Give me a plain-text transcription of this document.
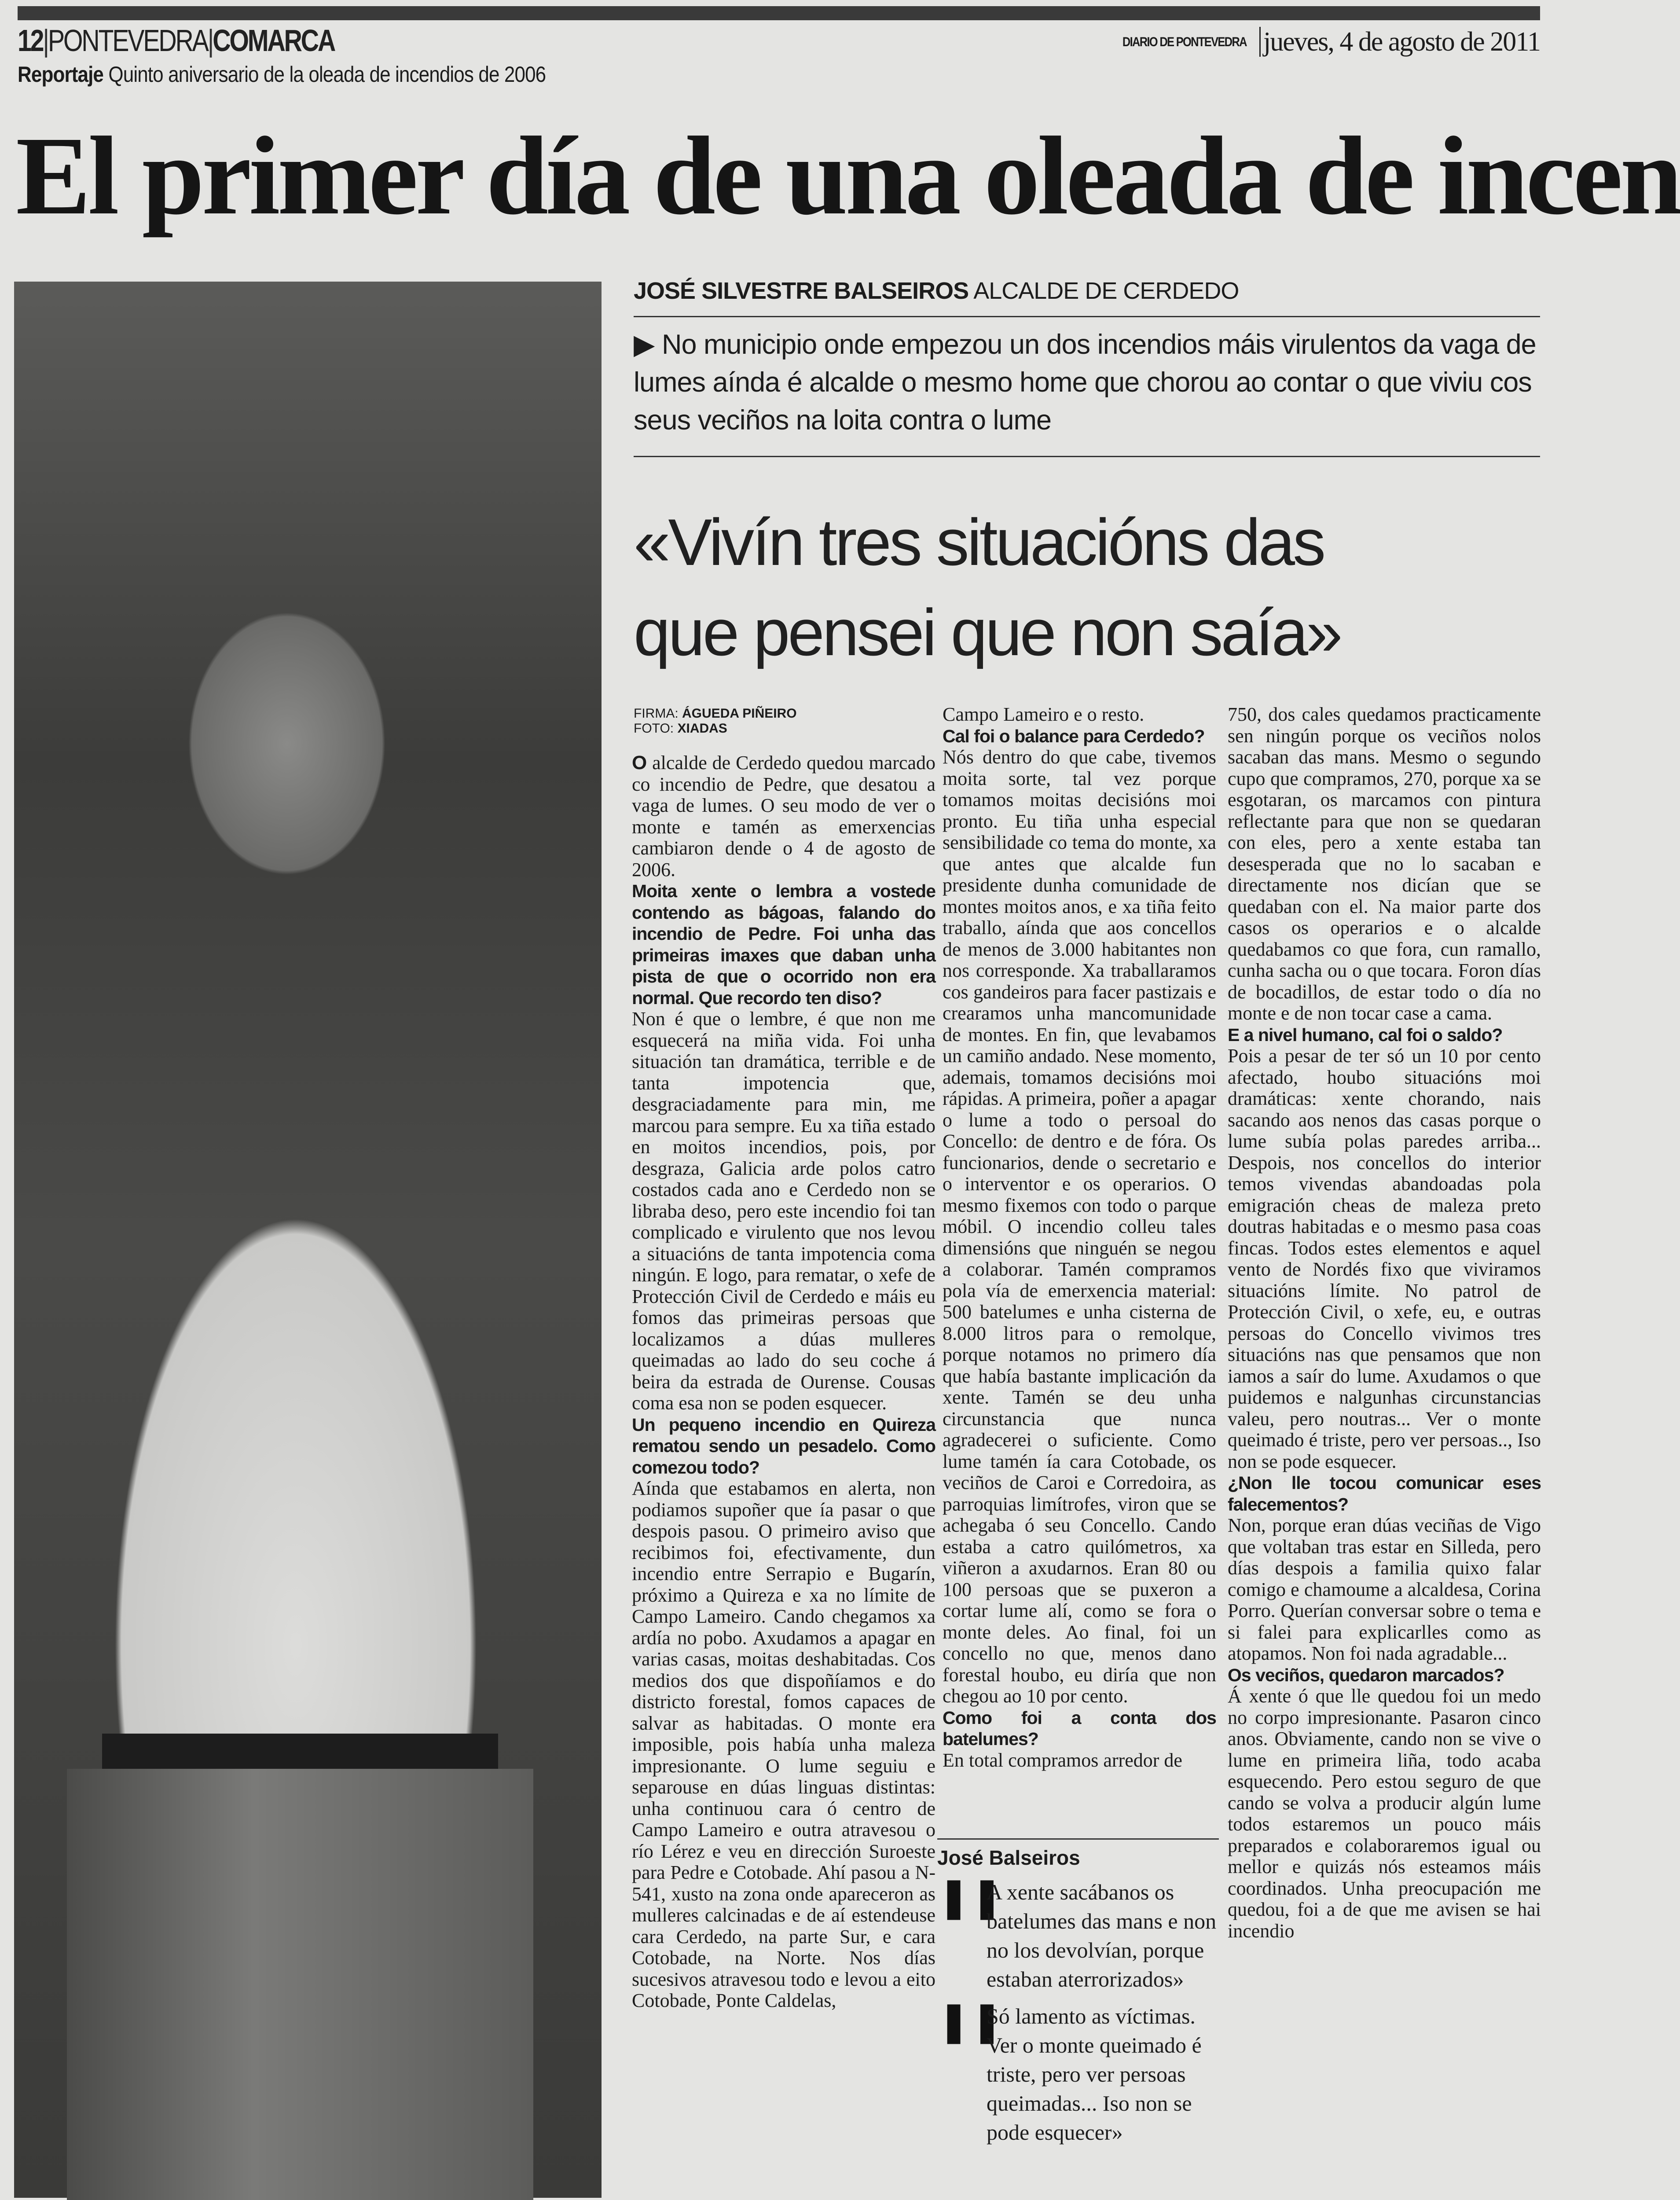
12|PONTEVEDRA|COMARCA	DIARIO DE PONTEVEDRA jueves, 4 de agosto de 2011
Reportaje Quinto aniversario de la oleada de incendios de 2006
El primer día de una oleada de incen
JOSÉ SILVESTRE BALSEIROS ALCALDE DE CERDEDO
▶ No municipio onde empezou un dos incendios máis virulentos da vaga de lumes aínda é alcalde o mesmo home que chorou ao contar o que viviu cos seus veciños na loita contra o lume
«Vivín tres situacións das
que pensei que non saía»
FIRMA: ÁGUEDA PIÑEIRO
FOTO: XIADAS

O alcalde de Cerdedo quedou marcado co incendio de Pedre, que desatou a vaga de lumes. O seu modo de ver o monte e tamén as emerxencias cambiaron dende o 4 de agosto de 2006.

Moita xente o lembra a vostede contendo as bágoas, falando do incendio de Pedre. Foi unha das primeiras imaxes que daban unha pista de que o ocorrido non era normal. Que recordo ten diso?

Non é que o lembre, é que non me esquecerá na miña vida. Foi unha situación tan dramática, terrible e de tanta impotencia que, desgraciadamente para min, me marcou para sempre. Eu xa tiña estado en moitos incendios, pois, por desgraza, Galicia arde polos catro costados cada ano e Cerdedo non se libraba deso, pero este incendio foi tan complicado e virulento que nos levou a situacións de tanta impotencia coma ningún. E logo, para rematar, o xefe de Protección Civil de Cerdedo e máis eu fomos das primeiras persoas que localizamos a dúas mulleres queimadas ao lado do seu coche á beira da estrada de Ourense. Cousas coma esa non se poden esquecer.

Un pequeno incendio en Quireza rematou sendo un pesadelo. Como comezou todo?

Aínda que estabamos en alerta, non podiamos supoñer que ía pasar o que despois pasou. O primeiro aviso que recibimos foi, efectivamente, dun incendio entre Serrapio e Bugarín, próximo a Quireza e xa no límite de Campo Lameiro. Cando chegamos xa ardía no pobo. Axudamos a apagar en varias casas, moitas deshabitadas. Cos medios dos que dispoñíamos e do districto forestal, fomos capaces de salvar as habitadas. O monte era imposible, pois había unha maleza impresionante. O lume seguiu e separouse en dúas linguas distintas: unha continuou cara ó centro de Campo Lameiro e outra atravesou o río Lérez e veu en dirección Suroeste para Pedre e Cotobade. Ahí pasou a N-541, xusto na zona onde apareceron as mulleres calcinadas e de aí estendeuse cara Cerdedo, na parte Sur, e cara Cotobade, na Norte. Nos días sucesivos atravesou todo e levou a eito Cotobade, Ponte Caldelas,

Campo Lameiro e o resto.

Cal foi o balance para Cerdedo?

Nós dentro do que cabe, tivemos moita sorte, tal vez porque tomamos moitas decisións moi pronto. Eu tiña unha especial sensibilidade co tema do monte, xa que antes que alcalde fun presidente dunha comunidade de montes moitos anos, e xa tiña feito traballo, aínda que aos concellos de menos de 3.000 habitantes non nos corresponde. Xa traballaramos cos gandeiros para facer pastizais e crearamos unha mancomunidade de montes. En fin, que levabamos un camiño andado. Nese momento, ademais, tomamos decisións moi rápidas. A primeira, poñer a apagar o lume a todo o persoal do Concello: de dentro e de fóra. Os funcionarios, dende o secretario e o interventor e os operarios. O mesmo fixemos con todo o parque móbil. O incendio colleu tales dimensións que ninguén se negou a colaborar. Tamén compramos pola vía de emerxencia material: 500 batelumes e unha cisterna de 8.000 litros para o remolque, porque notamos no primero día que había bastante implicación da xente. Tamén se deu unha circunstancia que nunca agradecerei o suficiente. Como lume tamén ía cara Cotobade, os veciños de Caroi e Corredoira, as parroquias limítrofes, viron que se achegaba ó seu Concello. Cando estaba a catro quilómetros, xa viñeron a axudarnos. Eran 80 ou 100 persoas que se puxeron a cortar lume alí, como se fora o monte deles. Ao final, foi un concello no que, menos dano forestal houbo, eu diría que non chegou ao 10 por cento.

Como foi a conta dos batelumes?

En total compramos arredor de

750, dos cales quedamos practicamente sen ningún porque os veciños nolos sacaban das mans. Mesmo o segundo cupo que compramos, 270, porque xa se esgotaran, os marcamos con pintura reflectante para que non se quedaran con eles, pero a xente estaba tan desesperada que no lo sacaban e directamente nos dicían que se quedaban con el. Na maior parte dos casos os operarios e o alcalde quedabamos co que fora, cun ramallo, cunha sacha ou o que tocara. Foron días de bocadillos, de estar todo o día no monte e de non tocar case a cama.

E a nivel humano, cal foi o saldo?

Pois a pesar de ter só un 10 por cento afectado, houbo situacións moi dramáticas: xente chorando, nais sacando aos nenos das casas porque o lume subía polas paredes arriba... Despois, nos concellos do interior temos vivendas abandoadas pola emigración cheas de maleza preto doutras habitadas e o mesmo pasa coas fincas. Todos estes elementos e aquel vento de Nordés fixo que viviramos situacións límite. No patrol de Protección Civil, o xefe, eu, e outras persoas do Concello vivimos tres situacións nas que pensamos que non iamos a saír do lume. Axudamos o que puidemos e nalgunhas circunstancias valeu, pero noutras... Ver o monte queimado é triste, pero ver persoas.., Iso non se pode esquecer.

¿Non lle tocou comunicar eses falecementos?

Non, porque eran dúas veciñas de Vigo que voltaban tras estar en Silleda, pero días despois a familia quixo falar comigo e chamoume a alcaldesa, Corina Porro. Querían conversar sobre o tema e si falei para explicarlles como as atopamos. Non foi nada agradable...

Os veciños, quedaron marcados?

Á xente ó que lle quedou foi un medo no corpo impresionante. Pasaron cinco anos. Obviamente, cando non se vive o lume en primeira liña, todo acaba esquecendo. Pero estou seguro de que cando se volva a producir algún lume todos estaremos un pouco máis preparados e colaboraremos igual ou mellor e quizás nós esteamos máis coordinados. Unha preocupación me quedou, foi a de que me avisen se hai incendio

José Balseiros
❚❚
A xente sacábanos os batelumes das mans e non no los devolvían, porque estaban aterrorizados»
❚❚
Só lamento as víctimas. Ver o monte queimado é triste, pero ver persoas queimadas... Iso non se pode esquecer»
